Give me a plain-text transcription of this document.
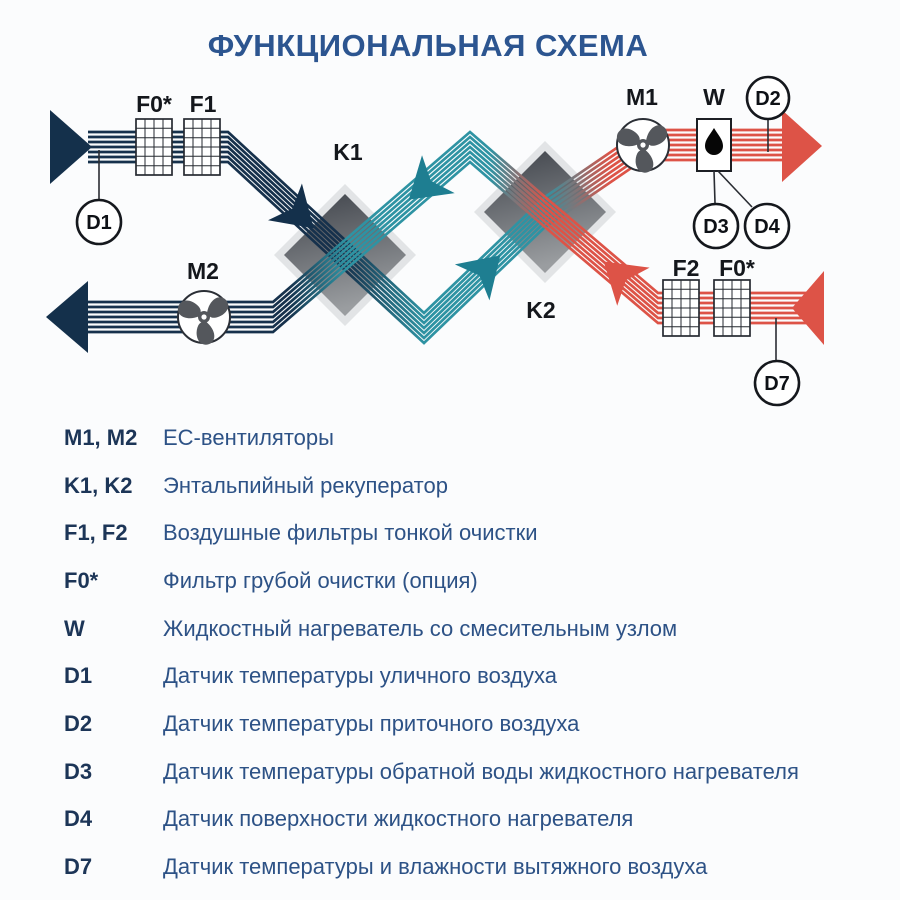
ФУНКЦИОНАЛЬНАЯ СХЕМА
D1
D2
D3 D4
D7
F0* F1
K1
M2
K2
M1 W
F2 F0*
M1, M2 EC-вентиляторы
K1, K2 Энтальпийный рекуператор
F1, F2 Воздушные фильтры тонкой очистки
F0*	Фильтр грубой очистки (опция)
W	Жидкостный нагреватель со смесительным узлом
D1	Датчик температуры уличного воздуха
D2	Датчик температуры приточного воздуха
D3	Датчик температуры обратной воды жидкостного нагревателя
D4	Датчик поверхности жидкостного нагревателя
D7	Датчик температуры и влажности вытяжного воздуха
